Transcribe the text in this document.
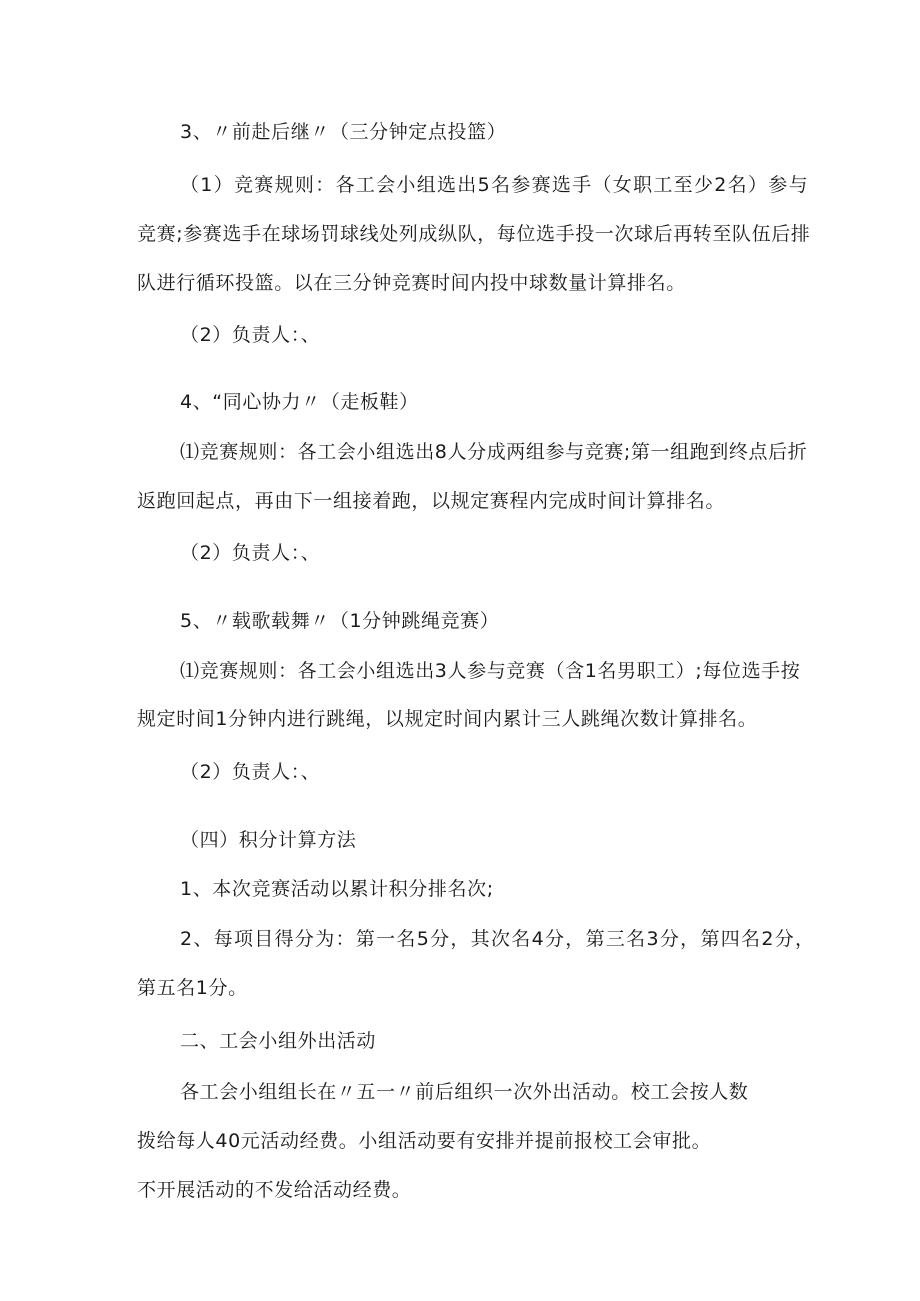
3、〃前赴后继〃（三分钟定点投篮）
（1）竞赛规则：各工会小组选出5名参赛选手（女职工至少2名）参与
竞赛;参赛选手在球场罚球线处列成纵队，每位选手投一次球后再转至队伍后排
队进行循环投篮。以在三分钟竞赛时间内投中球数量计算排名。
（2）负责人：、
4、“同心协力〃（走板鞋）
⑴竞赛规则：各工会小组选出8人分成两组参与竞赛;第一组跑到终点后折
返跑回起点，再由下一组接着跑，以规定赛程内完成时间计算排名。
（2）负责人：、
5、〃载歌载舞〃（1分钟跳绳竞赛）
⑴竞赛规则：各工会小组选出3人参与竞赛（含1名男职工）;每位选手按
规定时间1分钟内进行跳绳，以规定时间内累计三人跳绳次数计算排名。
（2）负责人：、
（四）积分计算方法
1、本次竞赛活动以累计积分排名次;
2、每项目得分为：第一名5分，其次名4分，第三名3分，第四名2分，
第五名1分。
二、工会小组外出活动
各工会小组组长在〃五一〃前后组织一次外出活动。校工会按人数
拨给每人40元活动经费。小组活动要有安排并提前报校工会审批。
不开展活动的不发给活动经费。
